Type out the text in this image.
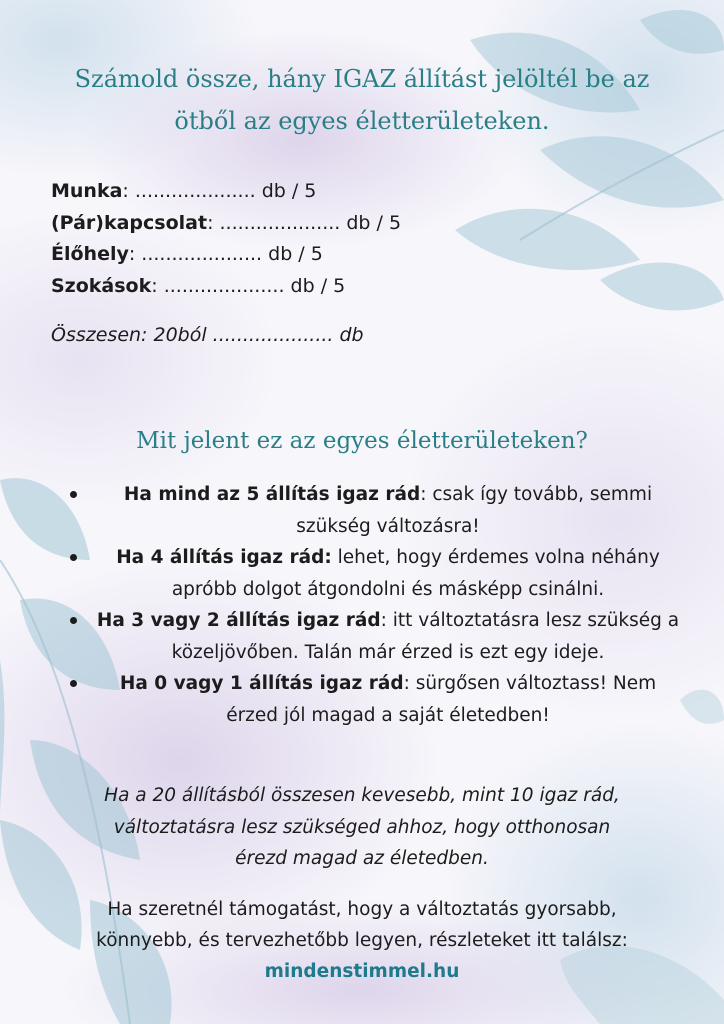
Számold össze, hány IGAZ állítást jelöltél be az
ötből az egyes életterületeken.
Munka: .................... db / 5
(Pár)kapcsolat: .................... db / 5
Élőhely: .................... db / 5
Szokások: .................... db / 5
Összesen: 20ból .................... db
Mit jelent ez az egyes életterületeken?
Ha mind az 5 állítás igaz rád: csak így tovább, semmi szükség változásra!
Ha 4 állítás igaz rád: lehet, hogy érdemes volna néhány apróbb dolgot átgondolni és másképp csinálni.
Ha 3 vagy 2 állítás igaz rád: itt változtatásra lesz szükség a közeljövőben. Talán már érzed is ezt egy ideje.
Ha 0 vagy 1 állítás igaz rád: sürgősen változtass! Nem érzed jól magad a saját életedben!
Ha a 20 állításból összesen kevesebb, mint 10 igaz rád,
változtatásra lesz szükséged ahhoz, hogy otthonosan
érezd magad az életedben.
Ha szeretnél támogatást, hogy a változtatás gyorsabb,
könnyebb, és tervezhetőbb legyen, részleteket itt találsz:
mindenstimmel.hu
